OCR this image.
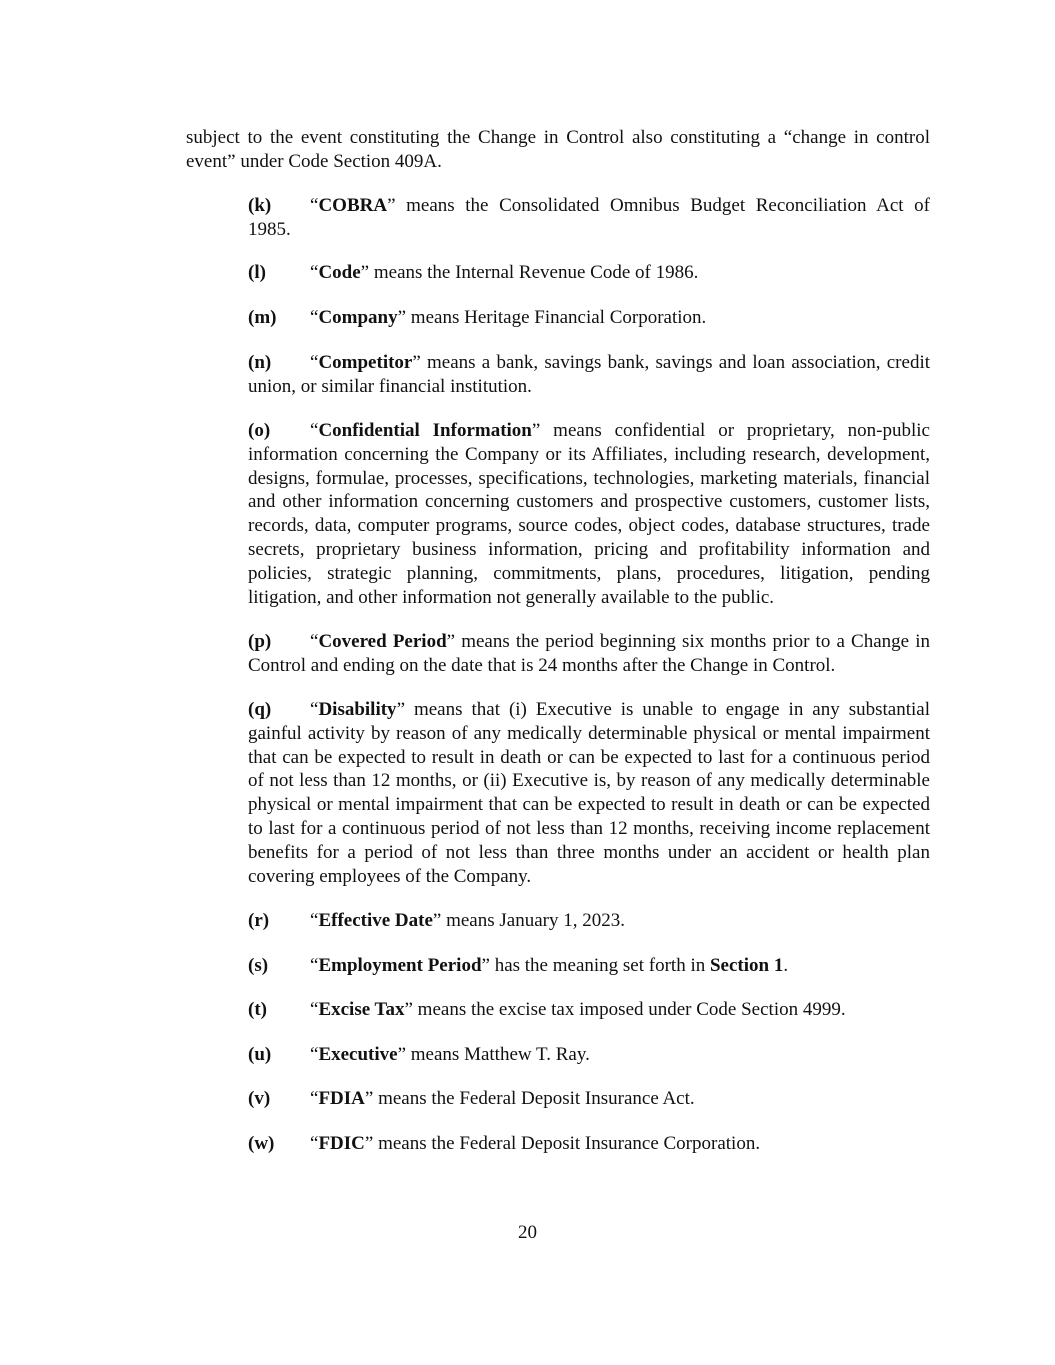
subject to the event constituting the Change in Control also constituting a “change in control event” under Code Section 409A.

(k) “COBRA” means the Consolidated Omnibus Budget Reconciliation Act of 1985.

(l) “Code” means the Internal Revenue Code of 1986.

(m) “Company” means Heritage Financial Corporation.

(n) “Competitor” means a bank, savings bank, savings and loan association, credit union, or similar financial institution.

(o) “Confidential Information” means confidential or proprietary, non-public information concerning the Company or its Affiliates, including research, development, designs, formulae, processes, specifications, technologies, marketing materials, financial and other information concerning customers and prospective customers, customer lists, records, data, computer programs, source codes, object codes, database structures, trade secrets, proprietary business information, pricing and profitability information and policies, strategic planning, commitments, plans, procedures, litigation, pending litigation, and other information not generally available to the public.

(p) “Covered Period” means the period beginning six months prior to a Change in Control and ending on the date that is 24 months after the Change in Control.

(q) “Disability” means that (i) Executive is unable to engage in any substantial gainful activity by reason of any medically determinable physical or mental impairment that can be expected to result in death or can be expected to last for a continuous period of not less than 12 months, or (ii) Executive is, by reason of any medically determinable physical or mental impairment that can be expected to result in death or can be expected to last for a continuous period of not less than 12 months, receiving income replacement benefits for a period of not less than three months under an accident or health plan covering employees of the Company.

(r) “Effective Date” means January 1, 2023.

(s) “Employment Period” has the meaning set forth in Section 1.

(t) “Excise Tax” means the excise tax imposed under Code Section 4999.

(u) “Executive” means Matthew T. Ray.

(v) “FDIA” means the Federal Deposit Insurance Act.

(w) “FDIC” means the Federal Deposit Insurance Corporation.

20
